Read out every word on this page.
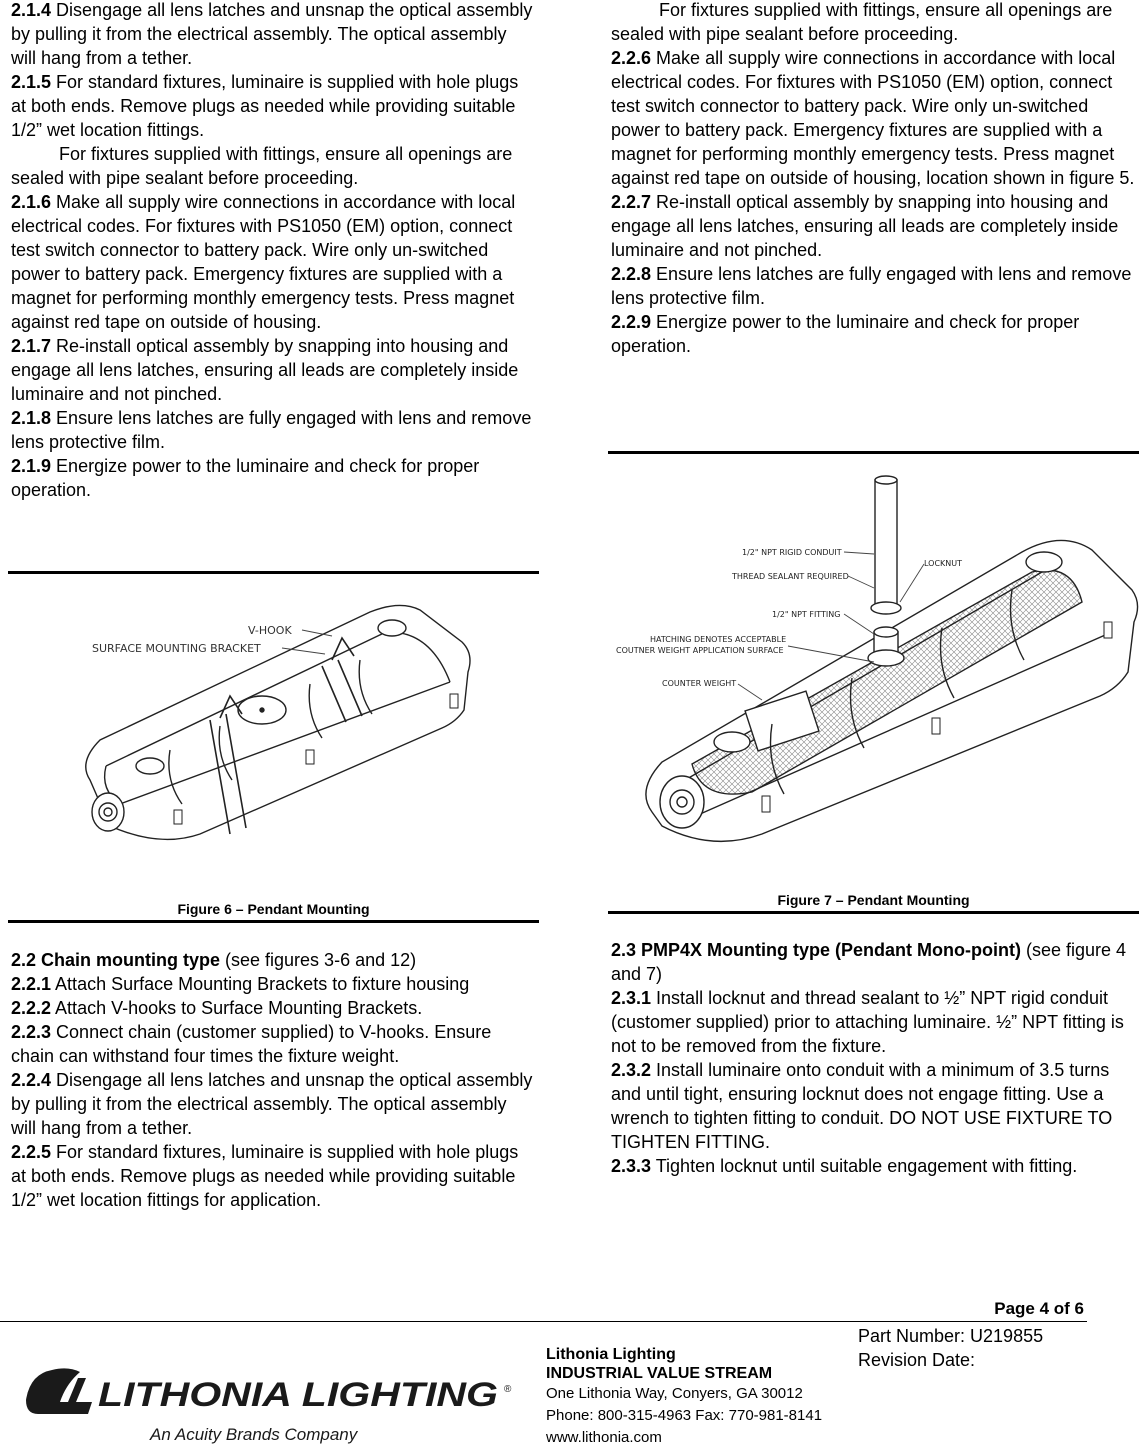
2.1.4 Disengage all lens latches and unsnap the optical assembly by pulling it from the electrical assembly. The optical assembly will hang from a tether.

2.1.5 For standard fixtures, luminaire is supplied with hole plugs at both ends. Remove plugs as needed while providing suitable 1/2” wet location fittings.

For fixtures supplied with fittings, ensure all openings are sealed with pipe sealant before proceeding.

2.1.6 Make all supply wire connections in accordance with local electrical codes. For fixtures with PS1050 (EM) option, connect test switch connector to battery pack. Wire only un-switched power to battery pack. Emergency fixtures are supplied with a magnet for performing monthly emergency tests. Press magnet against red tape on outside of housing.

2.1.7 Re-install optical assembly by snapping into housing and engage all lens latches, ensuring all leads are completely inside luminaire and not pinched.

2.1.8 Ensure lens latches are fully engaged with lens and remove lens protective film.

2.1.9 Energize power to the luminaire and check for proper operation.

V-HOOK
SURFACE MOUNTING BRACKET
Figure 6 – Pendant Mounting

2.2 Chain mounting type (see figures 3-6 and 12)

2.2.1 Attach Surface Mounting Brackets to fixture housing

2.2.2 Attach V-hooks to Surface Mounting Brackets.

2.2.3 Connect chain (customer supplied) to V-hooks. Ensure chain can withstand four times the fixture weight.

2.2.4 Disengage all lens latches and unsnap the optical assembly by pulling it from the electrical assembly. The optical assembly will hang from a tether.

2.2.5 For standard fixtures, luminaire is supplied with hole plugs at both ends. Remove plugs as needed while providing suitable 1/2” wet location fittings for application.

For fixtures supplied with fittings, ensure all openings are sealed with pipe sealant before proceeding.

2.2.6 Make all supply wire connections in accordance with local electrical codes. For fixtures with PS1050 (EM) option, connect test switch connector to battery pack. Wire only un-switched power to battery pack. Emergency fixtures are supplied with a magnet for performing monthly emergency tests. Press magnet against red tape on outside of housing, location shown in figure 5.

2.2.7 Re-install optical assembly by snapping into housing and engage all lens latches, ensuring all leads are completely inside luminaire and not pinched.

2.2.8 Ensure lens latches are fully engaged with lens and remove lens protective film.

2.2.9 Energize power to the luminaire and check for proper operation.

1/2" NPT RIGID CONDUIT
THREAD SEALANT REQUIRED
1/2" NPT FITTING
HATCHING DENOTES ACCEPTABLE
COUTNER WEIGHT APPLICATION SURFACE
COUNTER WEIGHT
LOCKNUT
Figure 7 – Pendant Mounting

2.3 PMP4X Mounting type (Pendant Mono-point) (see figure 4 and 7)

2.3.1 Install locknut and thread sealant to ½” NPT rigid conduit (customer supplied) prior to attaching luminaire. ½” NPT fitting is not to be removed from the fixture.

2.3.2 Install luminaire onto conduit with a minimum of 3.5 turns and until tight, ensuring locknut does not engage fitting. Use a wrench to tighten fitting to conduit. DO NOT USE FIXTURE TO TIGHTEN FITTING.

2.3.3 Tighten locknut until suitable engagement with fitting.

Page 4 of 6
LITHONIA LIGHTING ®
An Acuity Brands Company
Lithonia Lighting
INDUSTRIAL VALUE STREAM
One Lithonia Way, Conyers, GA 30012
Phone: 800-315-4963 Fax: 770-981-8141
www.lithonia.com
Part Number: U219855
Revision Date:
